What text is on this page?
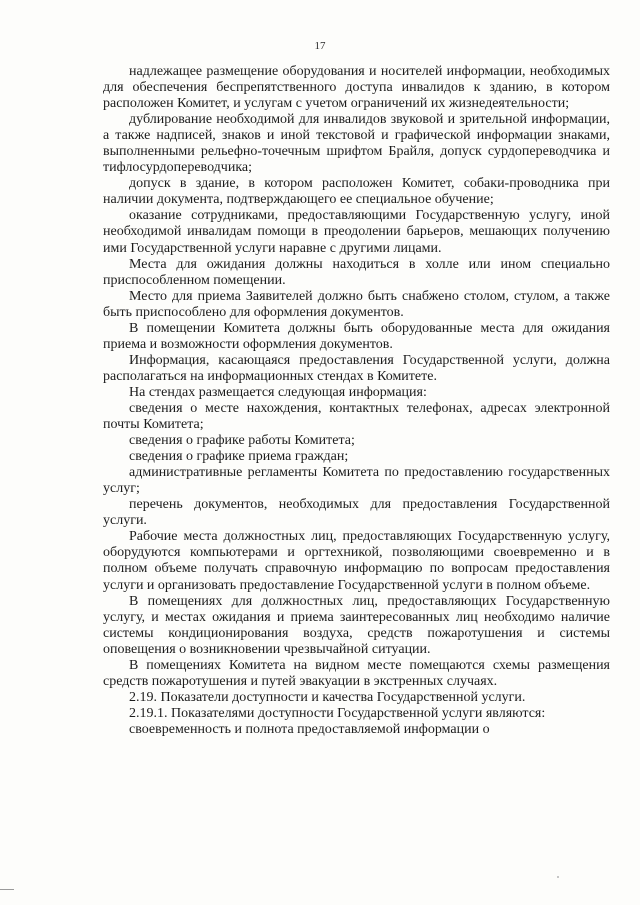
17

надлежащее размещение оборудования и носителей информации, необходимых для обеспечения беспрепятственного доступа инвалидов к зданию, в котором расположен Комитет, и услугам с учетом ограничений их жизнедеятельности;

дублирование необходимой для инвалидов звуковой и зрительной информации, а также надписей, знаков и иной текстовой и графической информации знаками, выполненными рельефно-точечным шрифтом Брайля, допуск сурдопереводчика и тифлосурдопереводчика;

допуск в здание, в котором расположен Комитет, собаки-проводника при наличии документа, подтверждающего ее специальное обучение;

оказание сотрудниками, предоставляющими Государственную услугу, иной необходимой инвалидам помощи в преодолении барьеров, мешающих получению ими Государственной услуги наравне с другими лицами.

Места для ожидания должны находиться в холле или ином специально приспособленном помещении.

Место для приема Заявителей должно быть снабжено столом, стулом, а также быть приспособлено для оформления документов.

В помещении Комитета должны быть оборудованные места для ожидания приема и возможности оформления документов.

Информация, касающаяся предоставления Государственной услуги, должна располагаться на информационных стендах в Комитете.

На стендах размещается следующая информация:

сведения о месте нахождения, контактных телефонах, адресах электронной почты Комитета;

сведения о графике работы Комитета;

сведения о графике приема граждан;

административные регламенты Комитета по предоставлению государственных услуг;

перечень документов, необходимых для предоставления Государственной услуги.

Рабочие места должностных лиц, предоставляющих Государственную услугу, оборудуются компьютерами и оргтехникой, позволяющими своевременно и в полном объеме получать справочную информацию по вопросам предоставления услуги и организовать предоставление Государственной услуги в полном объеме.

В помещениях для должностных лиц, предоставляющих Государственную услугу, и местах ожидания и приема заинтересованных лиц необходимо наличие системы кондиционирования воздуха, средств пожаротушения и системы оповещения о возникновении чрезвычайной ситуации.

В помещениях Комитета на видном месте помещаются схемы размещения средств пожаротушения и путей эвакуации в экстренных случаях.

2.19. Показатели доступности и качества Государственной услуги.

2.19.1. Показателями доступности Государственной услуги являются:

своевременность и полнота предоставляемой информации о
